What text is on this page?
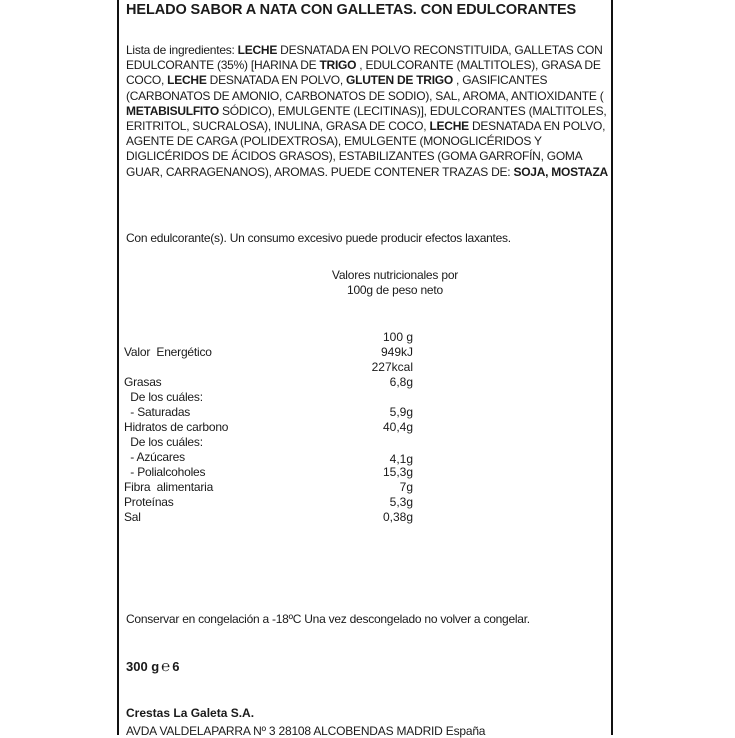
HELADO SABOR A NATA CON GALLETAS. CON EDULCORANTES
Lista de ingredientes: LECHE DESNATADA EN POLVO RECONSTITUIDA, GALLETAS CON EDULCORANTE (35%) [HARINA DE TRIGO , EDULCORANTE (MALTITOLES), GRASA DE COCO, LECHE DESNATADA EN POLVO, GLUTEN DE TRIGO , GASIFICANTES (CARBONATOS DE AMONIO, CARBONATOS DE SODIO), SAL, AROMA, ANTIOXIDANTE ( METABISULFITO SÓDICO), EMULGENTE (LECITINAS)], EDULCORANTES (MALTITOLES, ERITRITOL, SUCRALOSA), INULINA, GRASA DE COCO, LECHE DESNATADA EN POLVO, AGENTE DE CARGA (POLIDEXTROSA), EMULGENTE (MONOGLICÉRIDOS Y DIGLICÉRIDOS DE ÁCIDOS GRASOS), ESTABILIZANTES (GOMA GARROFÍN, GOMA GUAR, CARRAGENANOS), AROMAS. PUEDE CONTENER TRAZAS DE: SOJA, MOSTAZA
Con edulcorante(s). Un consumo excesivo puede producir efectos laxantes.
Valores nutricionales por
100g de peso neto
100 g
Valor  Energético	949kJ
227kcal
Grasas	6,8g
De los cuáles:
- Saturadas	5,9g
Hidratos de carbono	40,4g
De los cuáles:
- Azúcares	4,1g
- Polialcoholes	15,3g
Fibra  alimentaria	7g
Proteínas	5,3g
Sal	0,38g
Conservar en congelación a -18ºC Una vez descongelado no volver a congelar.
300 g ℮ 6
Crestas La Galeta S.A.
AVDA VALDELAPARRA Nº 3 28108 ALCOBENDAS MADRID España
